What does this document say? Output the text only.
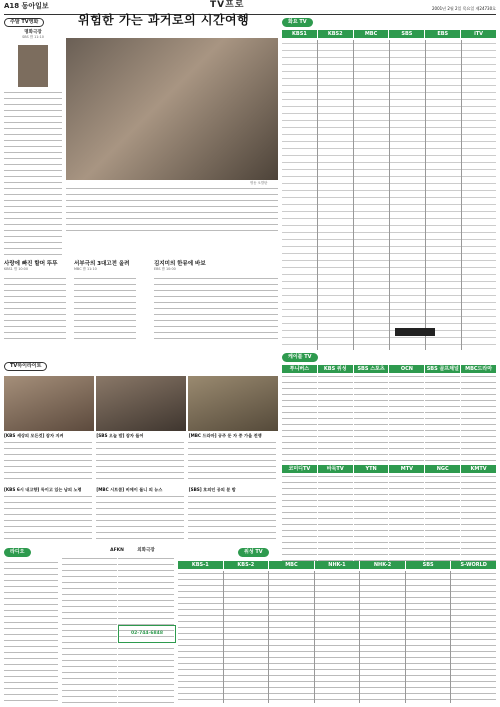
A18 동아일보	TV프로	2001년 2월 2일 목요일 제24730호
주말 TV영화
명화극장
SBS 밤 11:10
위험한 가는 과거로의 시간여행
명동 오발탄
사랑에 빠진 할머 뚜뚜
KBS1 밤 10:00
서부극의 3대고전 올려
MBC 밤 11:10
김지미의 한뮤에 바보
EBS 밤 10:00
화요 TV
KBS1	KBS2	MBC	SBS	EBS	iTV
케이블 TV
투니버스	KBS 위성	SBS 스포츠	OCN	SBS 골프채널	MBC드라마
코미디TV	바둑TV	YTN	MTV	NGC	KMTV
TV하이라이트
[KBS 세상의 모든것] 잠자 지켜	[SBS 오늘 밤] 잠자 들어	[MBC 드라마] 공주 둔 자 중 가을 전쟁
[KBS 6시 내고향] 독이고 있는 남의 노령	[MBC 시트콤] 비에이 돌니 의 뉴스	[SBS] 호의인 공의 분 밤
라디오	AFKN	외화극장	위성 TV
KBS-1	KBS-2	MBC	NHK-1	NHK-2	SBS	S-WORLD
02-744-6848
